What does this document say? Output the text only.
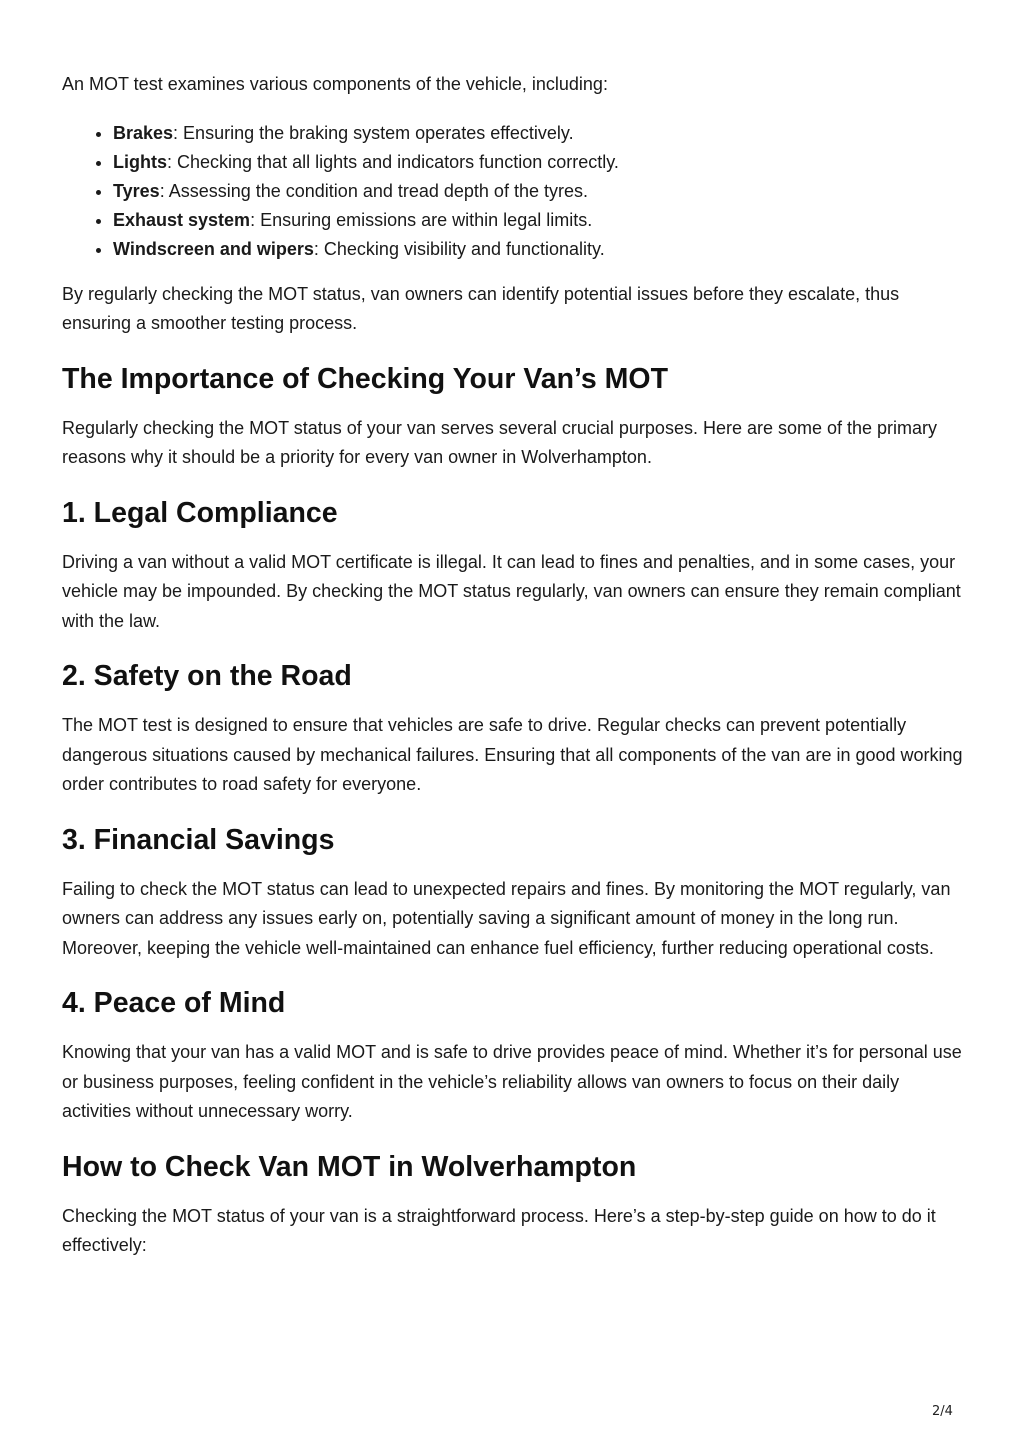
An MOT test examines various components of the vehicle, including:

• Brakes: Ensuring the braking system operates effectively.
• Lights: Checking that all lights and indicators function correctly.
• Tyres: Assessing the condition and tread depth of the tyres.
• Exhaust system: Ensuring emissions are within legal limits.
• Windscreen and wipers: Checking visibility and functionality.

By regularly checking the MOT status, van owners can identify potential issues before they escalate, thus ensuring a smoother testing process.

The Importance of Checking Your Van’s MOT

Regularly checking the MOT status of your van serves several crucial purposes. Here are some of the primary reasons why it should be a priority for every van owner in Wolverhampton.

1. Legal Compliance

Driving a van without a valid MOT certificate is illegal. It can lead to fines and penalties, and in some cases, your vehicle may be impounded. By checking the MOT status regularly, van owners can ensure they remain compliant with the law.

2. Safety on the Road

The MOT test is designed to ensure that vehicles are safe to drive. Regular checks can prevent potentially dangerous situations caused by mechanical failures. Ensuring that all components of the van are in good working order contributes to road safety for everyone.

3. Financial Savings

Failing to check the MOT status can lead to unexpected repairs and fines. By monitoring the MOT regularly, van owners can address any issues early on, potentially saving a significant amount of money in the long run. Moreover, keeping the vehicle well-maintained can enhance fuel efficiency, further reducing operational costs.

4. Peace of Mind

Knowing that your van has a valid MOT and is safe to drive provides peace of mind. Whether it’s for personal use or business purposes, feeling confident in the vehicle’s reliability allows van owners to focus on their daily activities without unnecessary worry.

How to Check Van MOT in Wolverhampton

Checking the MOT status of your van is a straightforward process. Here’s a step-by-step guide on how to do it effectively:

2/4
